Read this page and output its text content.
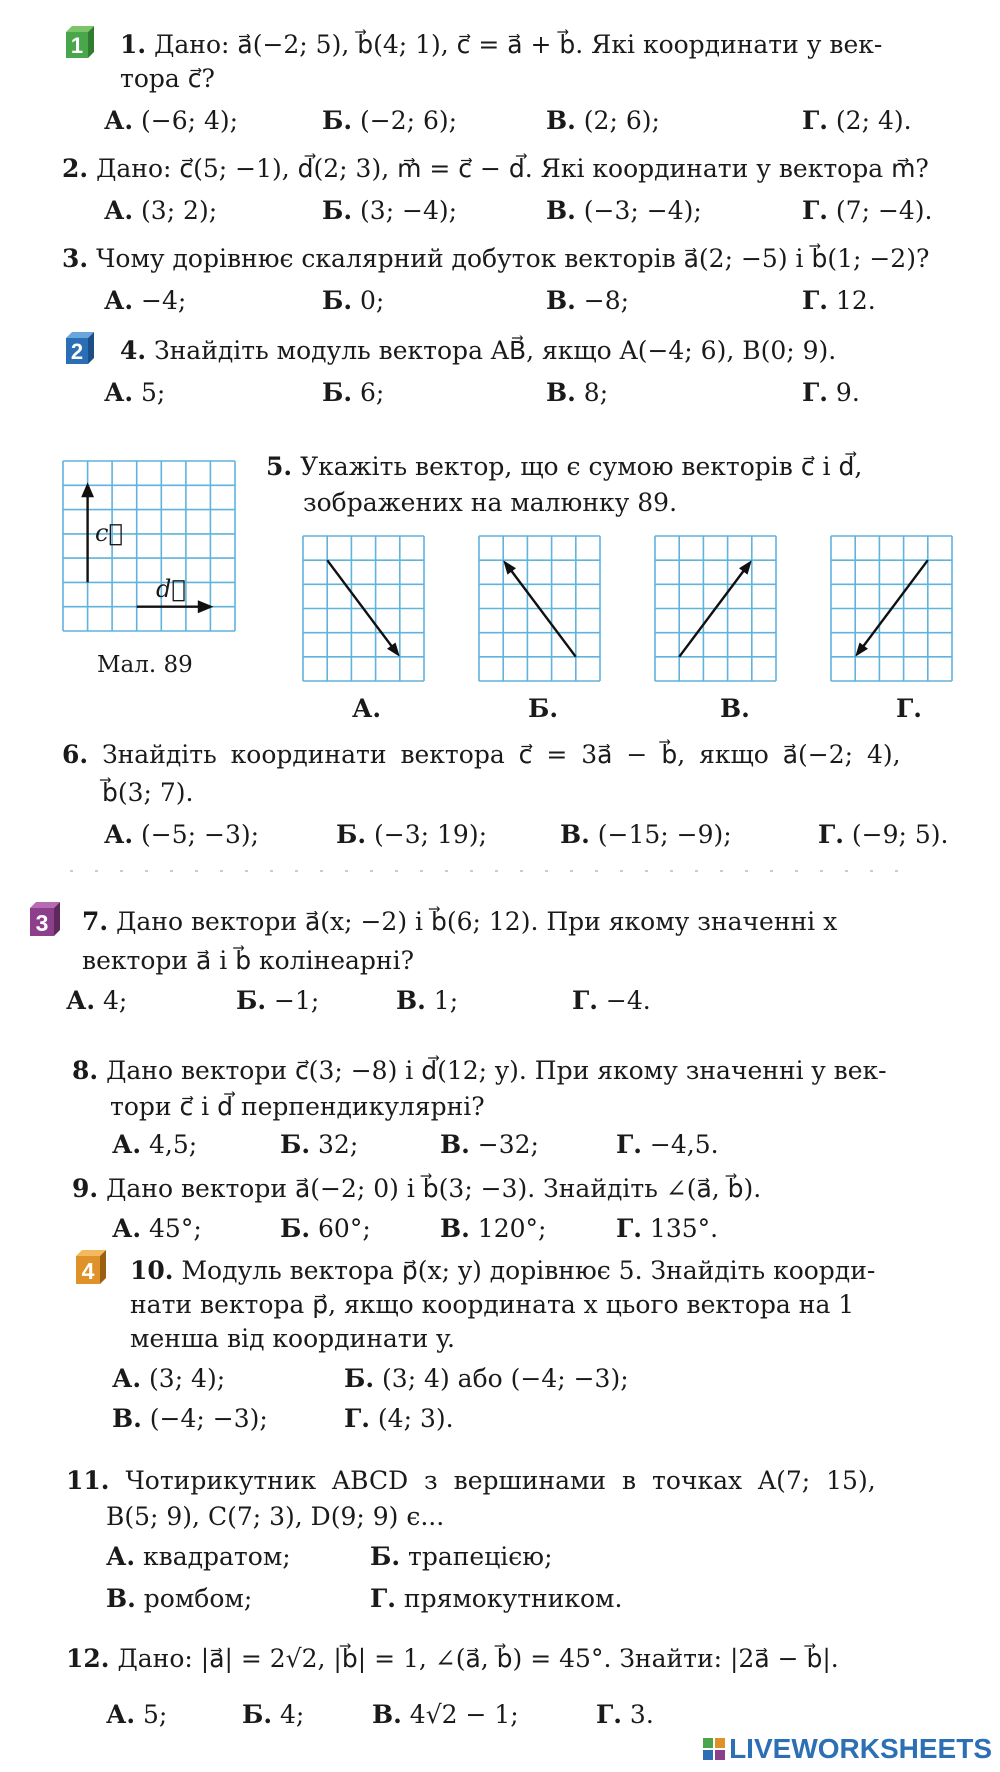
1 1. Дано: a⃗(−2; 5), b⃗(4; 1), c⃗ = a⃗ + b⃗. Які координати у век-
тора c⃗?
А. (−6; 4);	Б. (−2; 6);	В. (2; 6);	Г. (2; 4).
2. Дано: c⃗(5; −1), d⃗(2; 3), m⃗ = c⃗ − d⃗. Які координати у вектора m⃗?
А. (3; 2);	Б. (3; −4);	В. (−3; −4);	Г. (7; −4).
3. Чому дорівнює скалярний добуток векторів a⃗(2; −5) і b⃗(1; −2)?
А. −4;	Б. 0;	В. −8;	Г. 12.
2 4. Знайдіть модуль вектора AB⃗, якщо A(−4; 6), B(0; 9).
А. 5;	Б. 6;	В. 8;	Г. 9.
c⃗
d⃗
Мал. 89
5. Укажіть вектор, що є сумою векторів c⃗ і d⃗,
зображених на малюнку 89.
А.	Б.	В.	Г.
6. Знайдіть координати вектора c⃗ = 3a⃗ − b⃗, якщо a⃗(−2; 4),
b⃗(3; 7).
А. (−5; −3);	Б. (−3; 19);	В. (−15; −9);	Г. (−9; 5).
3 7. Дано вектори a⃗(x; −2) і b⃗(6; 12). При якому значенні x
вектори a⃗ і b⃗ колінеарні?
А. 4;	Б. −1;	В. 1;	Г. −4.
8. Дано вектори c⃗(3; −8) і d⃗(12; y). При якому значенні y век-
тори c⃗ і d⃗ перпендикулярні?
А. 4,5;	Б. 32;	В. −32;	Г. −4,5.
9. Дано вектори a⃗(−2; 0) і b⃗(3; −3). Знайдіть ∠(a⃗, b⃗).
А. 45°;	Б. 60°;	В. 120°;	Г. 135°.
4 10. Модуль вектора p⃗(x; y) дорівнює 5. Знайдіть коорди-
нати вектора p⃗, якщо координата x цього вектора на 1
менша від координати y.
А. (3; 4);	Б. (3; 4) або (−4; −3);
В. (−4; −3);	Г. (4; 3).
11. Чотирикутник ABCD з вершинами в точках A(7; 15),
B(5; 9), C(7; 3), D(9; 9) є...
А. квадратом;	Б. трапецією;
В. ромбом;	Г. прямокутником.
12. Дано: |a⃗| = 2√2, |b⃗| = 1, ∠(a⃗, b⃗) = 45°. Знайти: |2a⃗ − b⃗|.
А. 5;	Б. 4;	В. 4√2 − 1;	Г. 3.
LIVEWORKSHEETS
